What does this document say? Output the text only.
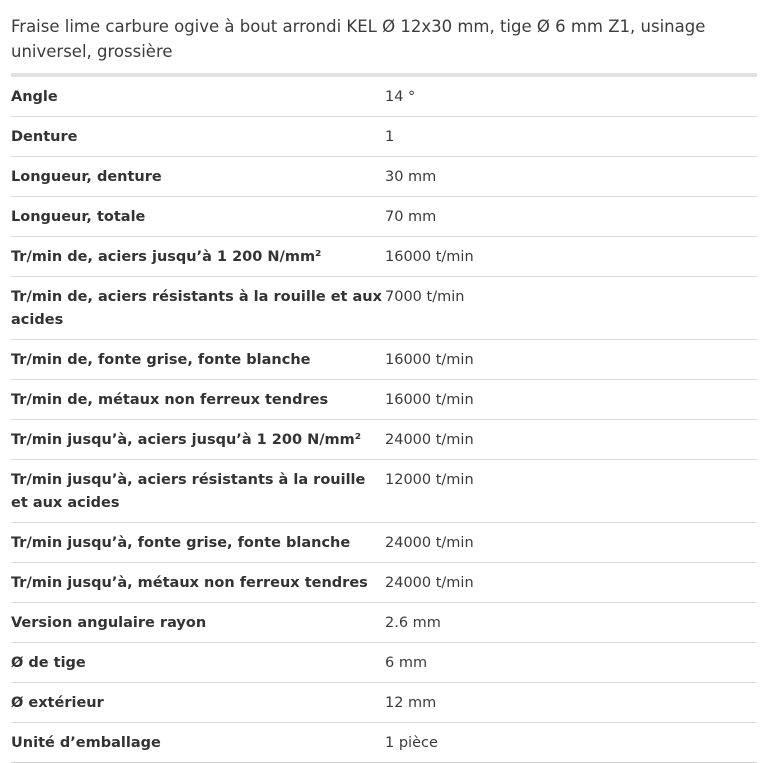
Fraise lime carbure ogive à bout arrondi KEL Ø 12x30 mm, tige Ø 6 mm Z1, usinage universel, grossière
Angle	14 °
Denture	1
Longueur, denture	30 mm
Longueur, totale	70 mm
Tr/min de, aciers jusqu’à 1 200 N/mm²	16000 t/min
Tr/min de, aciers résistants à la rouille et aux acides	7000 t/min
Tr/min de, fonte grise, fonte blanche	16000 t/min
Tr/min de, métaux non ferreux tendres	16000 t/min
Tr/min jusqu’à, aciers jusqu’à 1 200 N/mm²	24000 t/min
Tr/min jusqu’à, aciers résistants à la rouille et aux acides	12000 t/min
Tr/min jusqu’à, fonte grise, fonte blanche	24000 t/min
Tr/min jusqu’à, métaux non ferreux tendres	24000 t/min
Version angulaire rayon	2.6 mm
Ø de tige	6 mm
Ø extérieur	12 mm
Unité d’emballage	1 pièce
